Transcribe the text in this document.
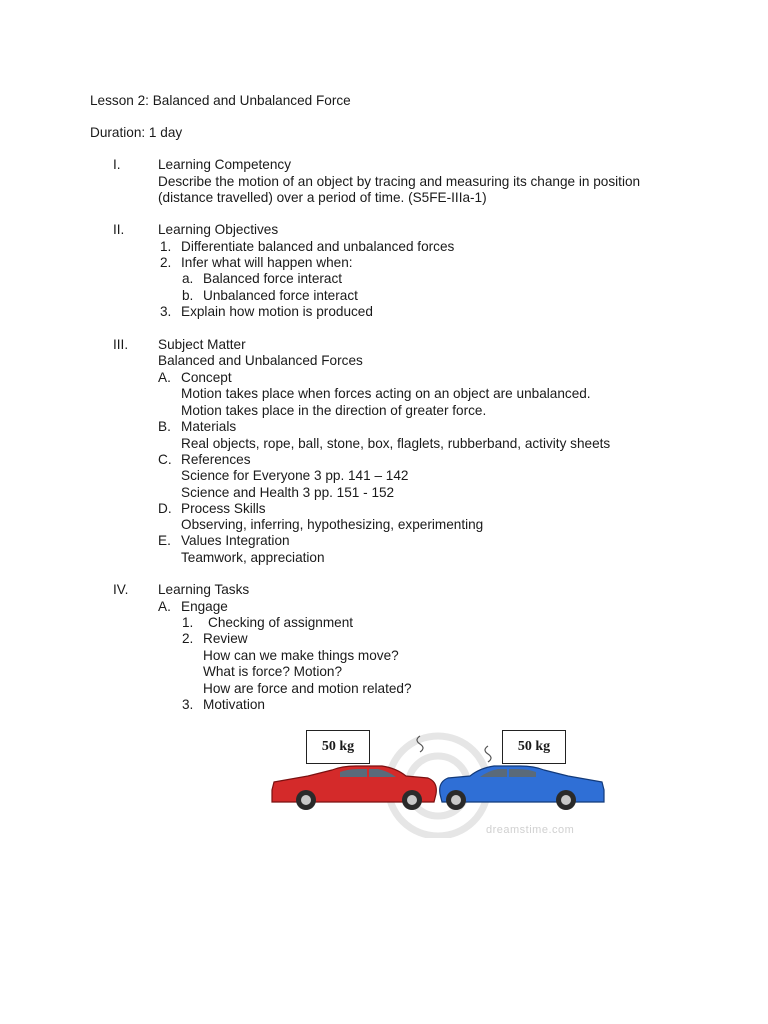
Lesson 2: Balanced and Unbalanced Force
Duration: 1 day
I.	Learning Competency
Describe the motion of an object by tracing and measuring its change in position
(distance travelled) over a period of time. (S5FE-IIIa-1)
II. Learning Objectives
1. Differentiate balanced and unbalanced forces
2. Infer what will happen when:
a. Balanced force interact
b. Unbalanced force interact
3. Explain how motion is produced
III. Subject Matter
Balanced and Unbalanced Forces
A. Concept
Motion takes place when forces acting on an object are unbalanced.
Motion takes place in the direction of greater force.
B. Materials
Real objects, rope, ball, stone, box, flaglets, rubberband, activity sheets
C. References
Science for Everyone 3 pp. 141 – 142
Science and Health 3 pp. 151 - 152
D. Process Skills
Observing, inferring, hypothesizing, experimenting
E. Values Integration
Teamwork, appreciation
IV. Learning Tasks
A. Engage
1. Checking of assignment
2. Review
How can we make things move?
What is force? Motion?
How are force and motion related?
3. Motivation
50 kg	50 kg
dreamstime.com
